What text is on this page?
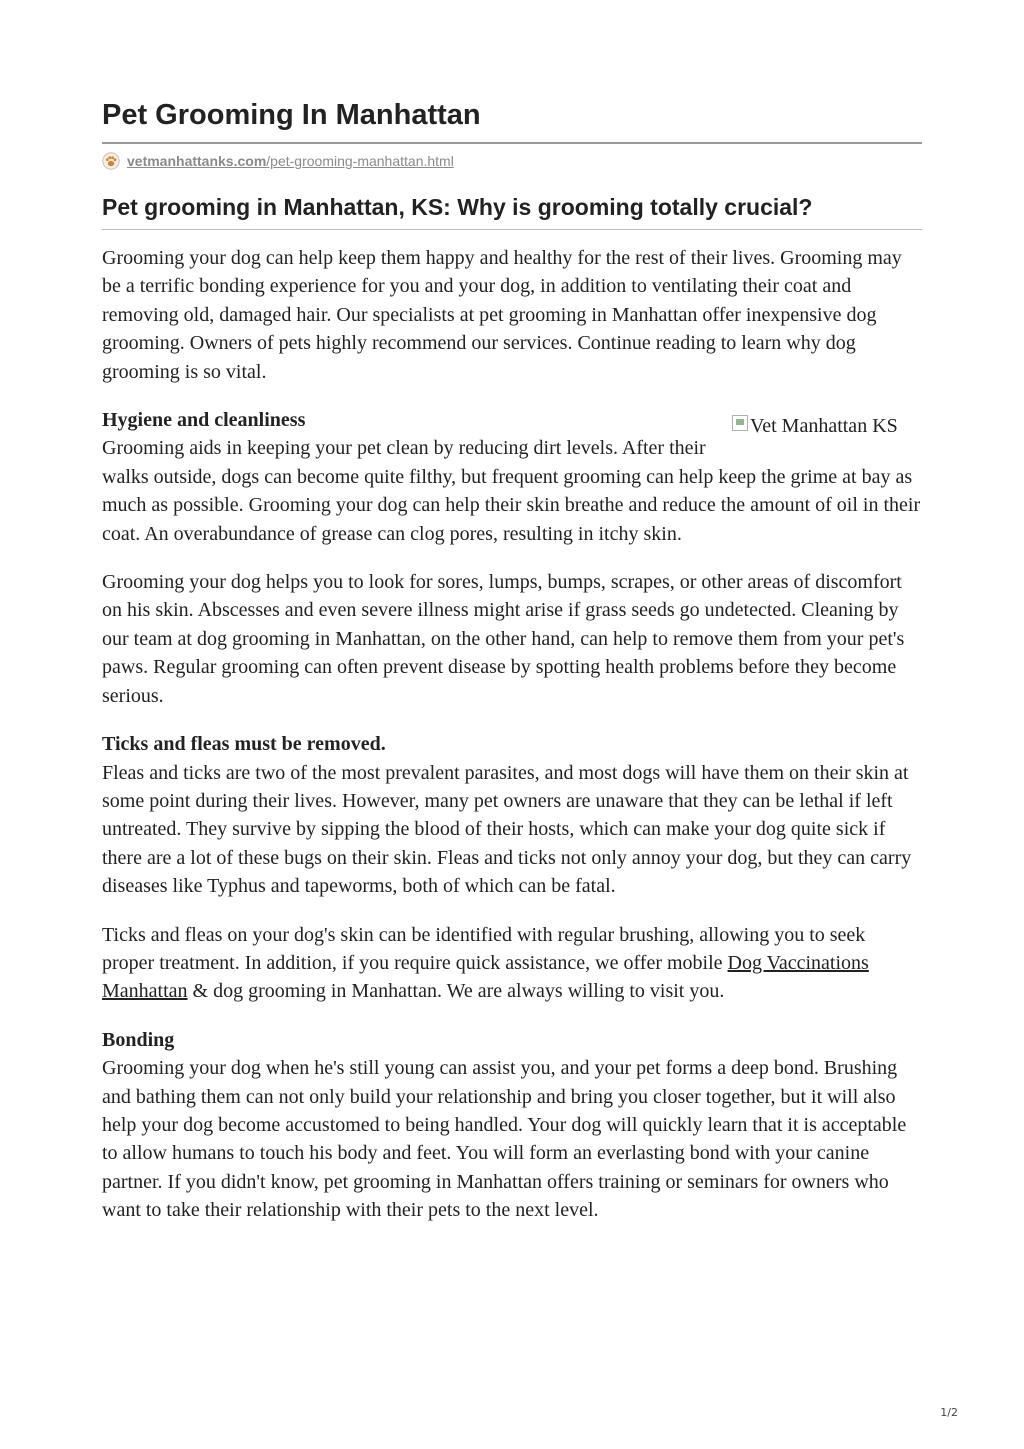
Pet Grooming In Manhattan
vetmanhattanks.com /pet-grooming-manhattan.html
Pet grooming in Manhattan, KS: Why is grooming totally crucial?

Grooming your dog can help keep them happy and healthy for the rest of their lives. Grooming may be a terrific bonding experience for you and your dog, in addition to ventilating their coat and removing old, damaged hair. Our specialists at pet grooming in Manhattan offer inexpensive dog grooming. Owners of pets highly recommend our services. Continue reading to learn why dog grooming is so vital.

Vet Manhattan KS
Hygiene and cleanliness
Grooming aids in keeping your pet clean by reducing dirt levels. After their walks outside, dogs can become quite filthy, but frequent grooming can help keep the grime at bay as much as possible. Grooming your dog can help their skin breathe and reduce the amount of oil in their coat. An overabundance of grease can clog pores, resulting in itchy skin.

Grooming your dog helps you to look for sores, lumps, bumps, scrapes, or other areas of discomfort on his skin. Abscesses and even severe illness might arise if grass seeds go undetected. Cleaning by our team at dog grooming in Manhattan, on the other hand, can help to remove them from your pet's paws. Regular grooming can often prevent disease by spotting health problems before they become serious.

Ticks and fleas must be removed.
Fleas and ticks are two of the most prevalent parasites, and most dogs will have them on their skin at some point during their lives. However, many pet owners are unaware that they can be lethal if left untreated. They survive by sipping the blood of their hosts, which can make your dog quite sick if there are a lot of these bugs on their skin. Fleas and ticks not only annoy your dog, but they can carry diseases like Typhus and tapeworms, both of which can be fatal.

Ticks and fleas on your dog's skin can be identified with regular brushing, allowing you to seek proper treatment. In addition, if you require quick assistance, we offer mobile Dog Vaccinations Manhattan & dog grooming in Manhattan. We are always willing to visit you.

Bonding
Grooming your dog when he's still young can assist you, and your pet forms a deep bond. Brushing and bathing them can not only build your relationship and bring you closer together, but it will also help your dog become accustomed to being handled. Your dog will quickly learn that it is acceptable to allow humans to touch his body and feet. You will form an everlasting bond with your canine partner. If you didn't know, pet grooming in Manhattan offers training or seminars for owners who want to take their relationship with their pets to the next level.
1/2
